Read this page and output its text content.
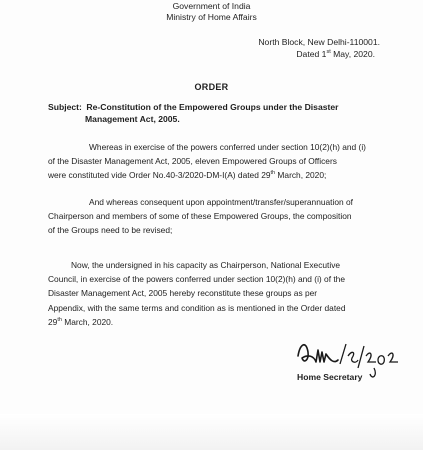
Government of India
Ministry of Home Affairs
North Block, New Delhi-110001.
Dated 1st May, 2020.
ORDER
Subject: Re-Constitution of the Empowered Groups under the Disaster
Management Act, 2005.
Whereas in exercise of the powers conferred under section 10(2)(h) and (i)
of the Disaster Management Act, 2005, eleven Empowered Groups of Officers
were constituted vide Order No.40-3/2020-DM-I(A) dated 29th March, 2020;
And whereas consequent upon appointment/transfer/superannuation of
Chairperson and members of some of these Empowered Groups, the composition
of the Groups need to be revised;
Now, the undersigned in his capacity as Chairperson, National Executive
Council, in exercise of the powers conferred under section 10(2)(h) and (i) of the
Disaster Management Act, 2005 hereby reconstitute these groups as per
Appendix, with the same terms and condition as is mentioned in the Order dated
29th March, 2020.
Home Secretary
